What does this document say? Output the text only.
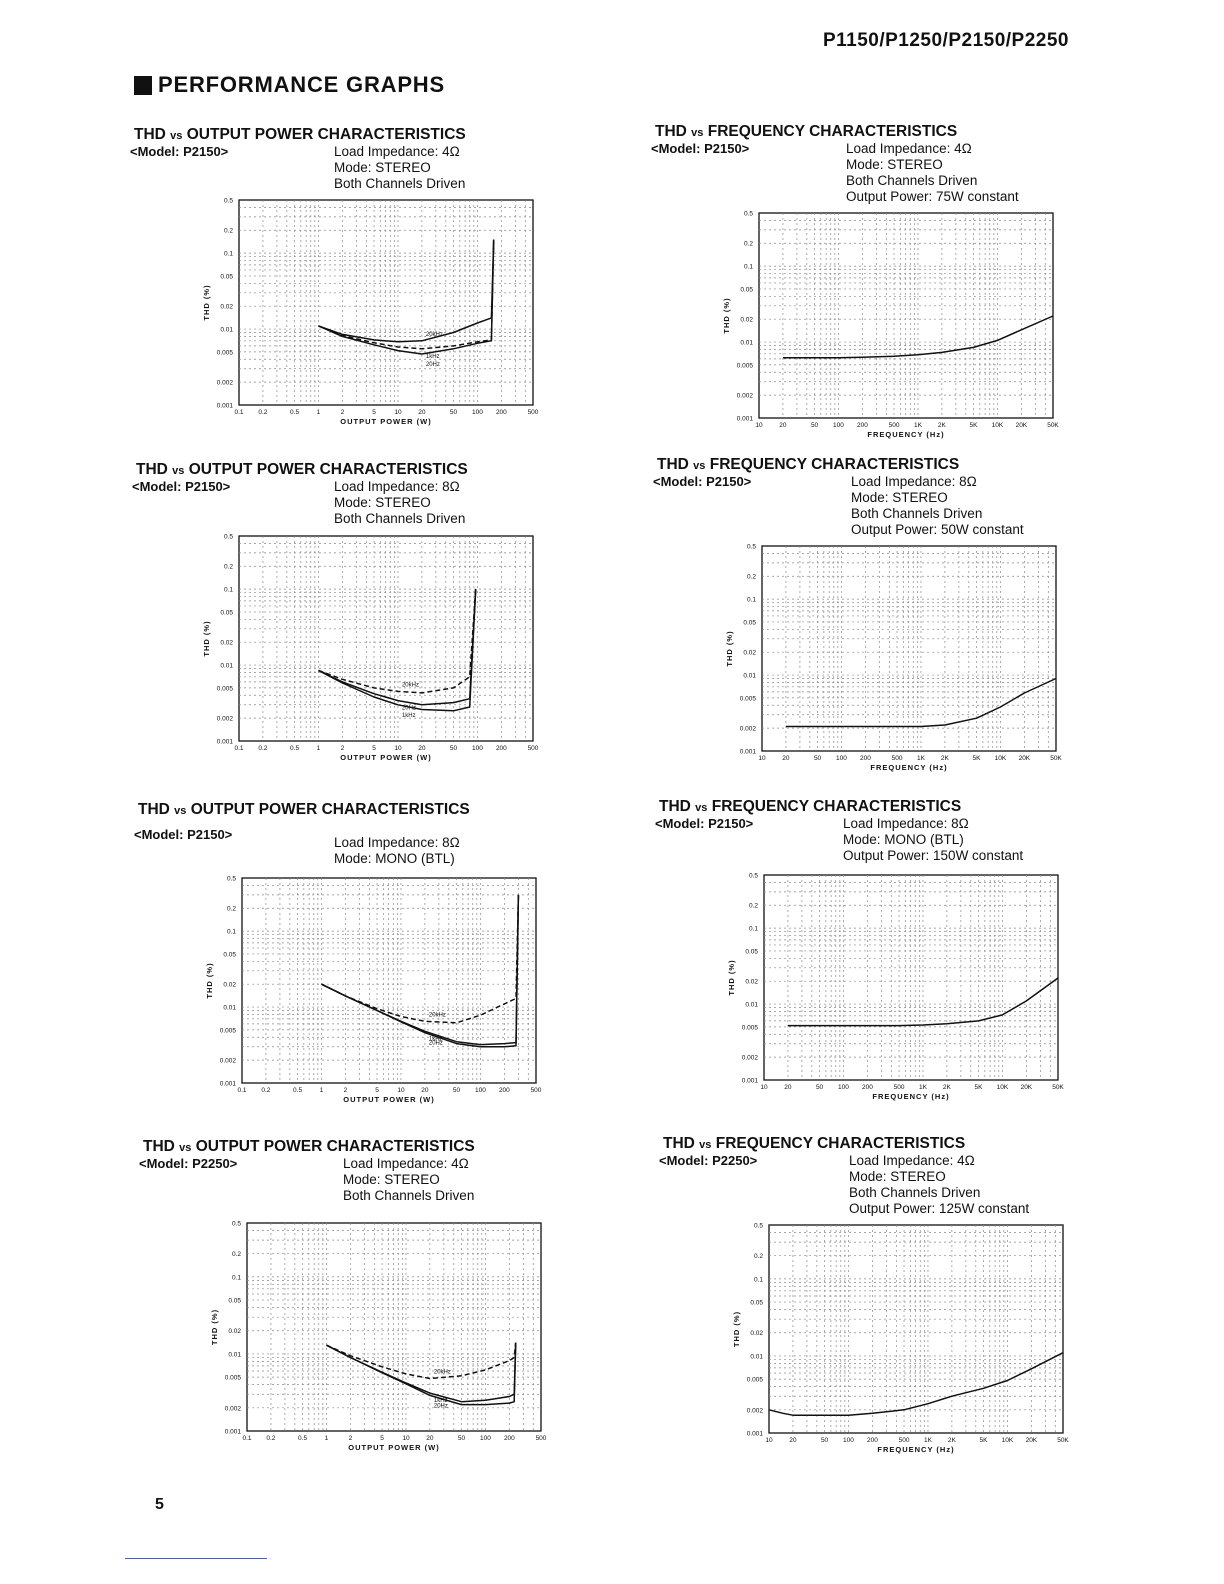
P1150/P1250/P2150/P2250
PERFORMANCE GRAPHS
THD vs OUTPUT POWER CHARACTERISTICS
<Model: P2150>	Load Impedance: 4Ω
Mode: STEREO
Both Channels Driven
0.5
0.2
0.1
0.05
0.02
0.01
0.005
0.002
0.001
0.1 0.2	0.5	1	2	5	10	20	50 100 200	500
OUTPUT POWER (W)
THD (%)
20kHz
1kHz
20Hz
THD vs FREQUENCY CHARACTERISTICS
<Model: P2150>	Load Impedance: 4Ω
Mode: STEREO
Both Channels Driven
Output Power: 75W constant
0.5
0.2
0.1
0.05
0.02
0.01
0.005
0.002
0.001
10	20	50 100 200	500 1K 2K	5K 10K 20K	50K
FREQUENCY (Hz)
THD (%)
THD vs OUTPUT POWER CHARACTERISTICS
<Model: P2150>	Load Impedance: 8Ω
Mode: STEREO
Both Channels Driven
0.5
0.2
0.1
0.05
0.02
0.01
0.005
0.002
0.001
0.1 0.2	0.5	1	2	5	10	20	50 100 200	500
OUTPUT POWER (W)
THD (%)
20kHz
20Hz
1kHz
THD vs FREQUENCY CHARACTERISTICS
<Model: P2150>	Load Impedance: 8Ω
Mode: STEREO
Both Channels Driven
Output Power: 50W constant
0.5
0.2
0.1
0.05
0.02
0.01
0.005
0.002
0.001
10	20	50 100 200	500 1K 2K	5K 10K 20K	50K
FREQUENCY (Hz)
THD (%)
THD vs OUTPUT POWER CHARACTERISTICS
<Model: P2150>
Load Impedance: 8Ω
Mode: MONO (BTL)
0.5
0.2
0.1
0.05
0.02
0.01
0.005
0.002
0.001
0.1 0.2	0.5	1	2	5	10	20	50 100 200	500
OUTPUT POWER (W)
THD (%)
20kHz
1kHz
20Hz
THD vs FREQUENCY CHARACTERISTICS
<Model: P2150>	Load Impedance: 8Ω
Mode: MONO (BTL)
Output Power: 150W constant
0.5
0.2
0.1
0.05
0.02
0.01
0.005
0.002
0.001
10	20	50 100 200	500 1K 2K	5K 10K 20K	50K
FREQUENCY (Hz)
THD (%)
THD vs OUTPUT POWER CHARACTERISTICS
<Model: P2250>	Load Impedance: 4Ω
Mode: STEREO
Both Channels Driven
0.5
0.2
0.1
0.05
0.02
0.01
0.005
0.002
0.001
0.1 0.2	0.5	1	2	5	10	20	50 100 200	500
OUTPUT POWER (W)
THD (%)
20kHz
1kHz
20Hz
THD vs FREQUENCY CHARACTERISTICS
<Model: P2250>	Load Impedance: 4Ω
Mode: STEREO
Both Channels Driven
Output Power: 125W constant
0.5
0.2
0.1
0.05
0.02
0.01
0.005
0.002
0.001
10	20	50 100 200	500 1K 2K	5K 10K 20K	50K
FREQUENCY (Hz)
THD (%)
5
